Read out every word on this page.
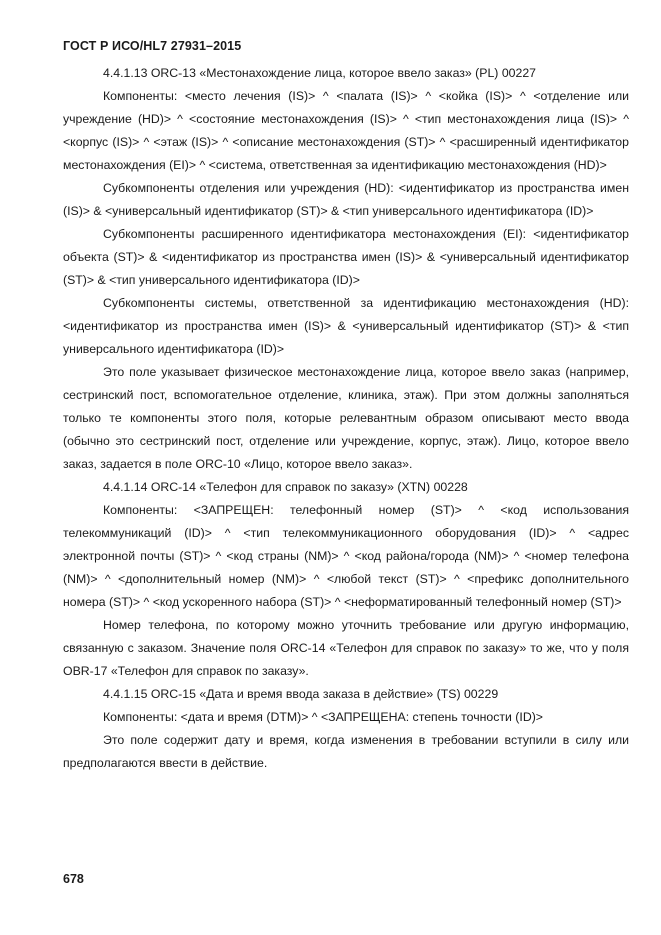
ГОСТ Р ИСО/HL7 27931–2015

4.4.1.13 ORC-13 «Местонахождение лица, которое ввело заказ» (PL) 00227

Компоненты: <место лечения (IS)> ^ <палата (IS)> ^ <койка (IS)> ^ <отделение или учреждение (HD)> ^ <состояние местонахождения (IS)> ^ <тип местонахождения лица (IS)> ^ <корпус (IS)> ^ <этаж (IS)> ^ <описание местонахождения (ST)> ^ <расширенный идентификатор местонахождения (EI)> ^ <система, ответственная за идентификацию местонахождения (HD)>

Субкомпоненты отделения или учреждения (HD): <идентификатор из пространства имен (IS)> & <универсальный идентификатор (ST)> & <тип универсального идентификатора (ID)>

Субкомпоненты расширенного идентификатора местонахождения (EI): <идентификатор объекта (ST)> & <идентификатор из пространства имен (IS)> & <универсальный идентификатор (ST)> & <тип универсального идентификатора (ID)>

Субкомпоненты системы, ответственной за идентификацию местонахождения (HD): <идентификатор из пространства имен (IS)> & <универсальный идентификатор (ST)> & <тип универсального идентификатора (ID)>

Это поле указывает физическое местонахождение лица, которое ввело заказ (например, сестринский пост, вспомогательное отделение, клиника, этаж). При этом должны заполняться только те компоненты этого поля, которые релевантным образом описывают место ввода (обычно это сестринский пост, отделение или учреждение, корпус, этаж). Лицо, которое ввело заказ, задается в поле ORC-10 «Лицо, которое ввело заказ».

4.4.1.14 ORC-14 «Телефон для справок по заказу» (XTN) 00228

Компоненты: <ЗАПРЕЩЕН: телефонный номер (ST)> ^ <код использования телекоммуникаций (ID)> ^ <тип телекоммуникационного оборудования (ID)> ^ <адрес электронной почты (ST)> ^ <код страны (NM)> ^ <код района/города (NM)> ^ <номер телефона (NM)> ^ <дополнительный номер (NM)> ^ <любой текст (ST)> ^ <префикс дополнительного номера (ST)> ^ <код ускоренного набора (ST)> ^ <неформатированный телефонный номер (ST)>

Номер телефона, по которому можно уточнить требование или другую информацию, связанную с заказом. Значение поля ORC-14 «Телефон для справок по заказу» то же, что у поля OBR-17 «Телефон для справок по заказу».

4.4.1.15 ORC-15 «Дата и время ввода заказа в действие» (TS) 00229

Компоненты: <дата и время (DTM)> ^ <ЗАПРЕЩЕНА: степень точности (ID)>

Это поле содержит дату и время, когда изменения в требовании вступили в силу или предполагаются ввести в действие.

678
